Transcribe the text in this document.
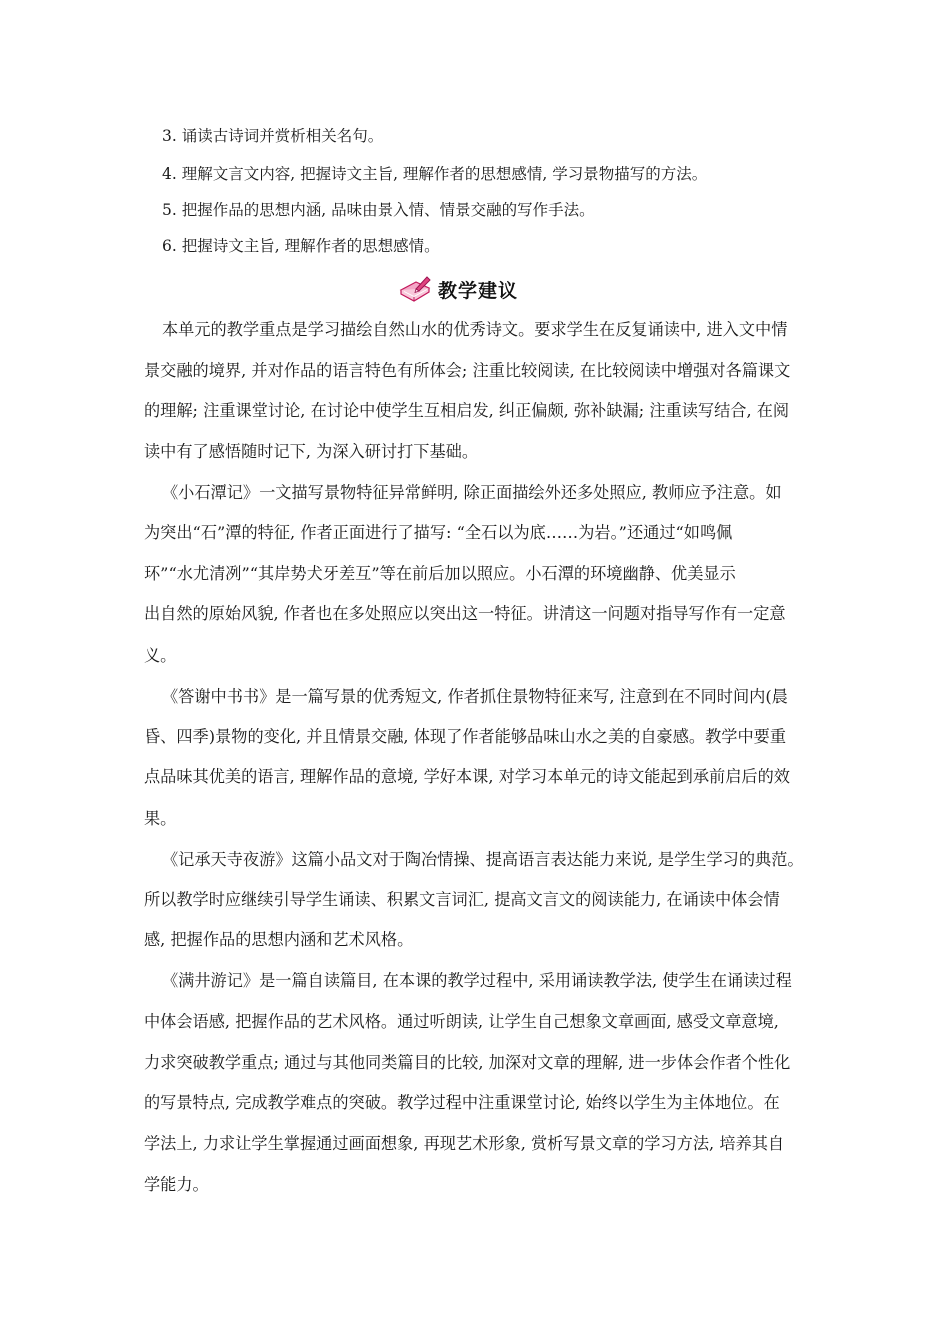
3. 诵读古诗词并赏析相关名句。
4. 理解文言文内容, 把握诗文主旨, 理解作者的思想感情, 学习景物描写的方法。
5. 把握作品的思想内涵, 品味由景入情、情景交融的写作手法。
6. 把握诗文主旨, 理解作者的思想感情。
教学建议
本单元的教学重点是学习描绘自然山水的优秀诗文。要求学生在反复诵读中, 进入文中情
景交融的境界, 并对作品的语言特色有所体会; 注重比较阅读, 在比较阅读中增强对各篇课文
的理解; 注重课堂讨论, 在讨论中使学生互相启发, 纠正偏颇, 弥补缺漏; 注重读写结合, 在阅
读中有了感悟随时记下, 为深入研讨打下基础。
《小石潭记》一文描写景物特征异常鲜明, 除正面描绘外还多处照应, 教师应予注意。如
为突出“石”潭的特征, 作者正面进行了描写: “全石以为底……为岩。”还通过“如鸣佩
环”“水尤清冽”“其岸势犬牙差互”等在前后加以照应。小石潭的环境幽静、优美显示
出自然的原始风貌, 作者也在多处照应以突出这一特征。讲清这一问题对指导写作有一定意
义。
《答谢中书书》是一篇写景的优秀短文, 作者抓住景物特征来写, 注意到在不同时间内(晨
昏、四季)景物的变化, 并且情景交融, 体现了作者能够品味山水之美的自豪感。教学中要重
点品味其优美的语言, 理解作品的意境, 学好本课, 对学习本单元的诗文能起到承前启后的效
果。
《记承天寺夜游》这篇小品文对于陶冶情操、提高语言表达能力来说, 是学生学习的典范。
所以教学时应继续引导学生诵读、积累文言词汇, 提高文言文的阅读能力, 在诵读中体会情
感, 把握作品的思想内涵和艺术风格。
《满井游记》是一篇自读篇目, 在本课的教学过程中, 采用诵读教学法, 使学生在诵读过程
中体会语感, 把握作品的艺术风格。通过听朗读, 让学生自己想象文章画面, 感受文章意境,
力求突破教学重点; 通过与其他同类篇目的比较, 加深对文章的理解, 进一步体会作者个性化
的写景特点, 完成教学难点的突破。教学过程中注重课堂讨论, 始终以学生为主体地位。在
学法上, 力求让学生掌握通过画面想象, 再现艺术形象, 赏析写景文章的学习方法, 培养其自
学能力。
